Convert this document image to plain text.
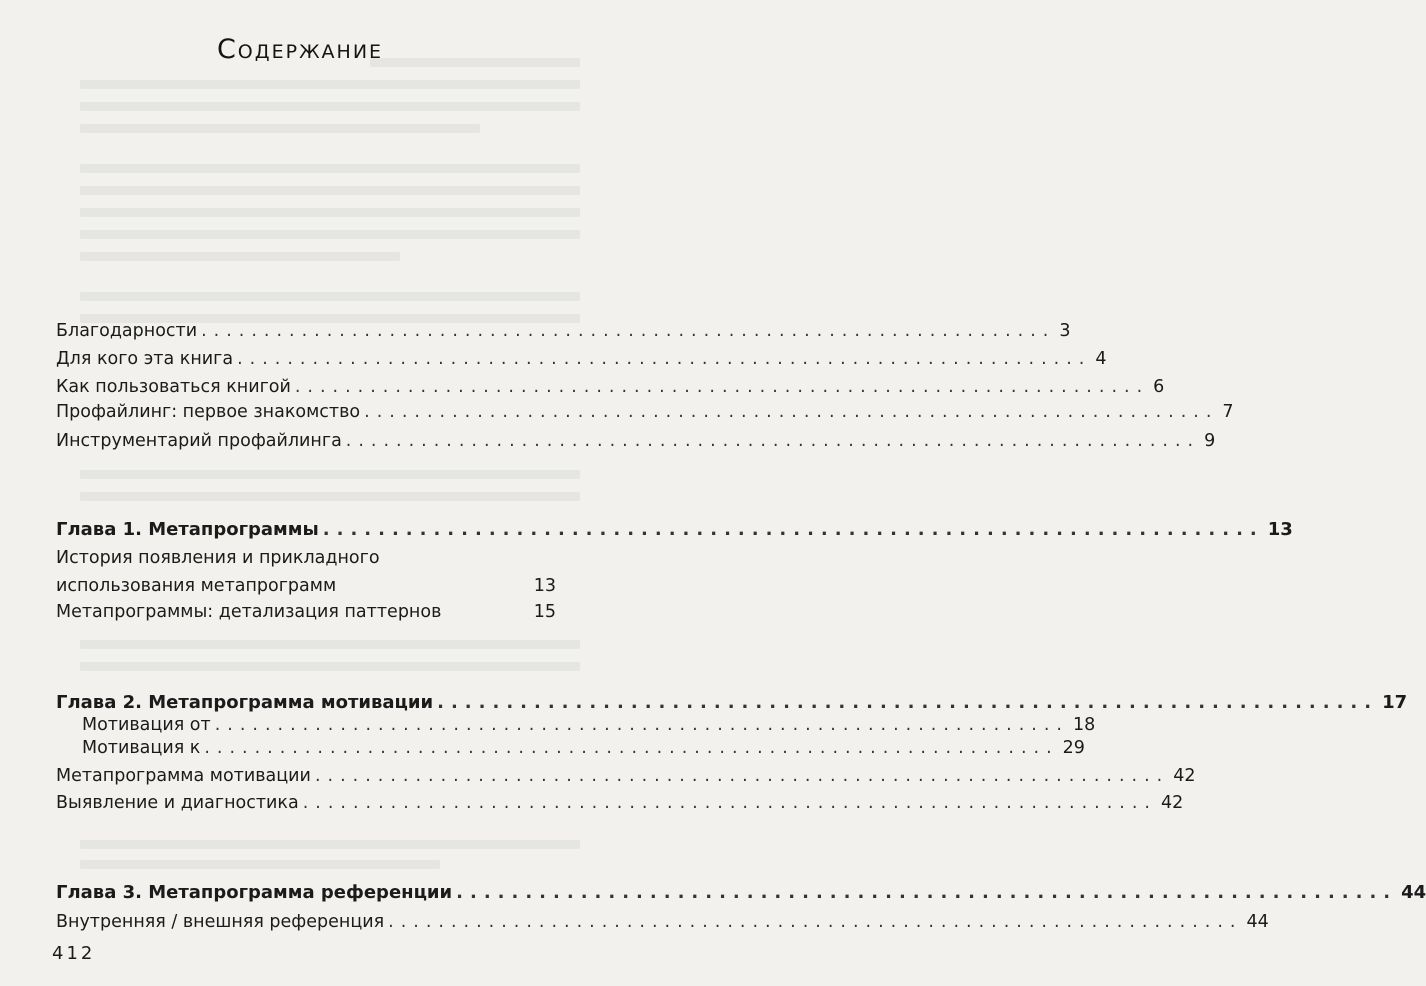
Содержание
Благодарности .................................................................... 3
Для кого эта книга .................................................................... 4
Как пользоваться книгой .................................................................... 6
Профайлинг: первое знакомство .................................................................... 7
Инструментарий профайлинга .................................................................... 9
Глава 1. Метапрограммы .................................................................... 13
История появления и прикладного
использования метапрограмм	13
Метапрограммы: детализация паттернов	15
Глава 2. Метапрограмма мотивации .................................................................... 17
Мотивация от .................................................................... 18
Мотивация к .................................................................... 29
Метапрограмма мотивации .................................................................... 42
Выявление и диагностика .................................................................... 42
Глава 3. Метапрограмма референции .................................................................... 44
Внутренняя / внешняя референция .................................................................... 44
412
